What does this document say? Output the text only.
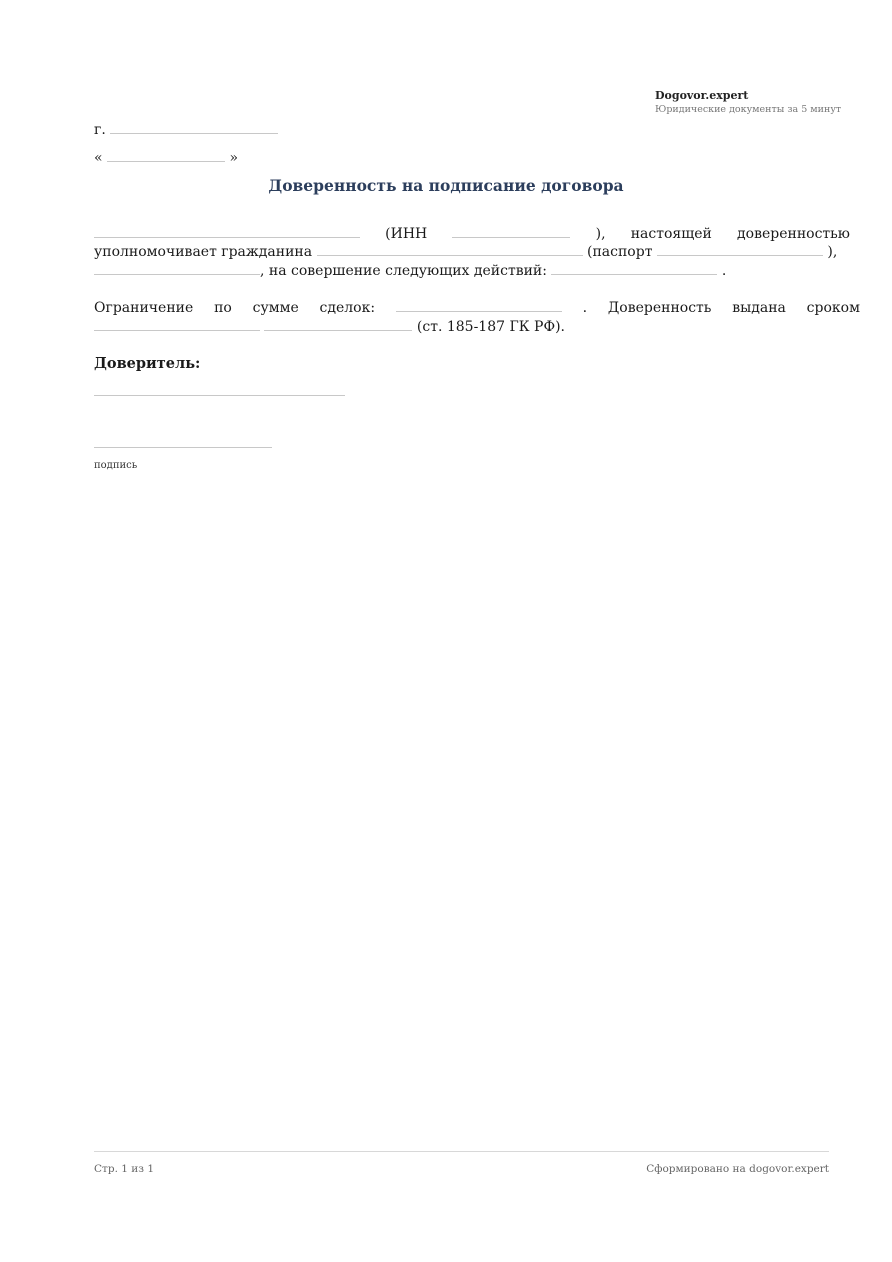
Dogovor.expert
Юридические документы за 5 минут
г.
«	»
Доверенность на подписание договора
(ИНН	), настоящей доверенностью
уполномочивает гражданина	(паспорт	),
, на совершение следующих действий:	.
Ограничение по сумме сделок:	. Доверенность выдана сроком
(ст. 185-187 ГК РФ).
Доверитель:
подпись
Стр. 1 из 1	Сформировано на dogovor.expert
